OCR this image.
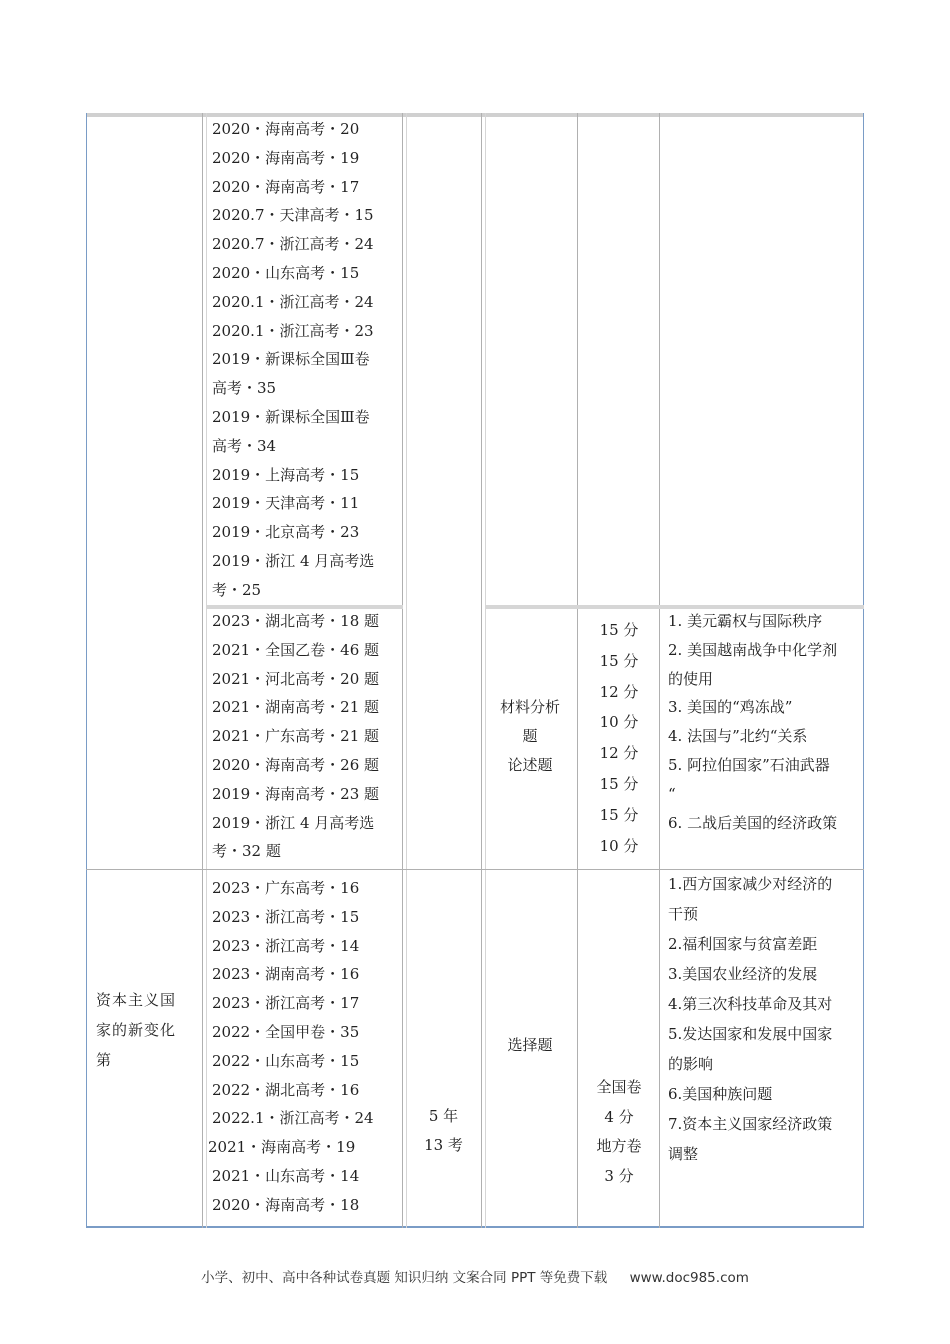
2020・海南高考・20
2020・海南高考・19
2020・海南高考・17
2020.7・天津高考・15
2020.7・浙江高考・24
2020・山东高考・15
2020.1・浙江高考・24
2020.1・浙江高考・23
2019・新课标全国Ⅲ卷
高考・35
2019・新课标全国Ⅲ卷
高考・34
2019・上海高考・15
2019・天津高考・11
2019・北京高考・23
2019・浙江 4 月高考选
考・25
2023・湖北高考・18 题
2021・全国乙卷・46 题
2021・河北高考・20 题
2021・湖南高考・21 题
2021・广东高考・21 题
2020・海南高考・26 题
2019・海南高考・23 题
2019・浙江 4 月高考选
考・32 题
材料分析
题
论述题
15 分
15 分
12 分
10 分
12 分
15 分
15 分
10 分
1. 美元霸权与国际秩序
2. 美国越南战争中化学剂
的使用
3. 美国的“鸡冻战”
4. 法国与”北约“关系
5. 阿拉伯国家”石油武器
“
6. 二战后美国的经济政策
资本主义国
家的新变化
第
2023・广东高考・16
2023・浙江高考・15
2023・浙江高考・14
2023・湖南高考・16
2023・浙江高考・17
2022・全国甲卷・35
2022・山东高考・15
2022・湖北高考・16
2022.1・浙江高考・24
2021・海南高考・19
2021・山东高考・14
2020・海南高考・18
5 年
13 考
选择题
全国卷
4 分
地方卷
3 分
1.西方国家减少对经济的
干预
2.福利国家与贫富差距
3.美国农业经济的发展
4.第三次科技革命及其对
5.发达国家和发展中国家
的影响
6.美国种族问题
7.资本主义国家经济政策
调整
小学、初中、高中各种试卷真题 知识归纳 文案合同 PPT 等免费下载 www.doc985.com
